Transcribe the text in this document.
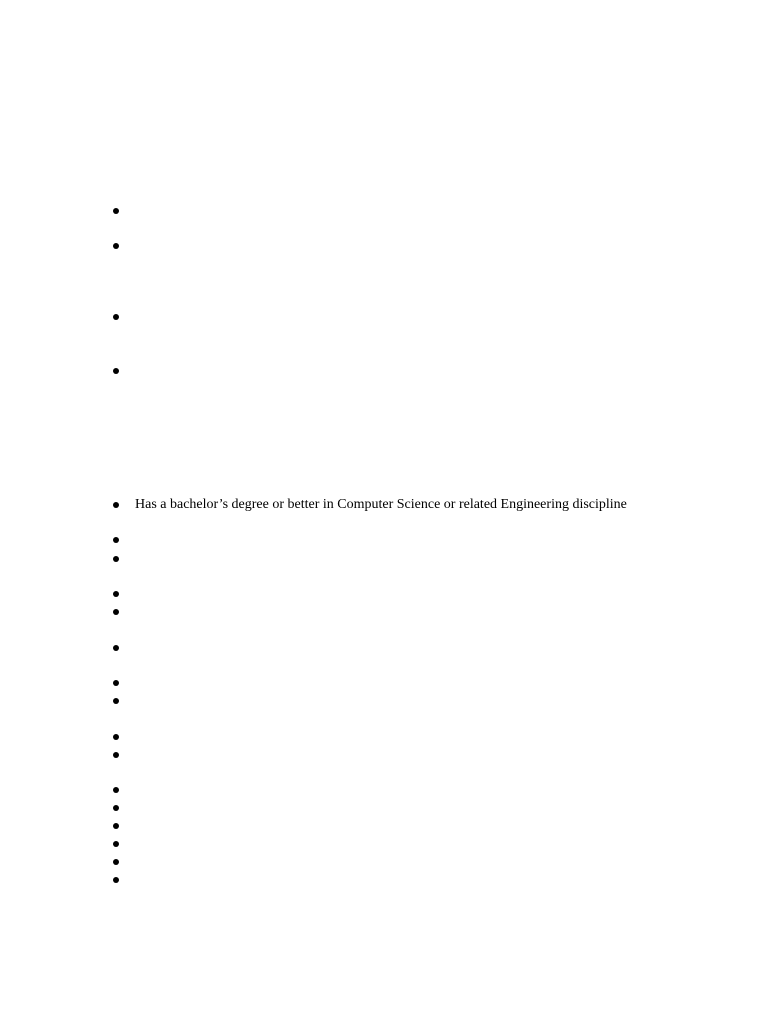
Has a bachelor’s degree or better in Computer Science or related Engineering discipline
